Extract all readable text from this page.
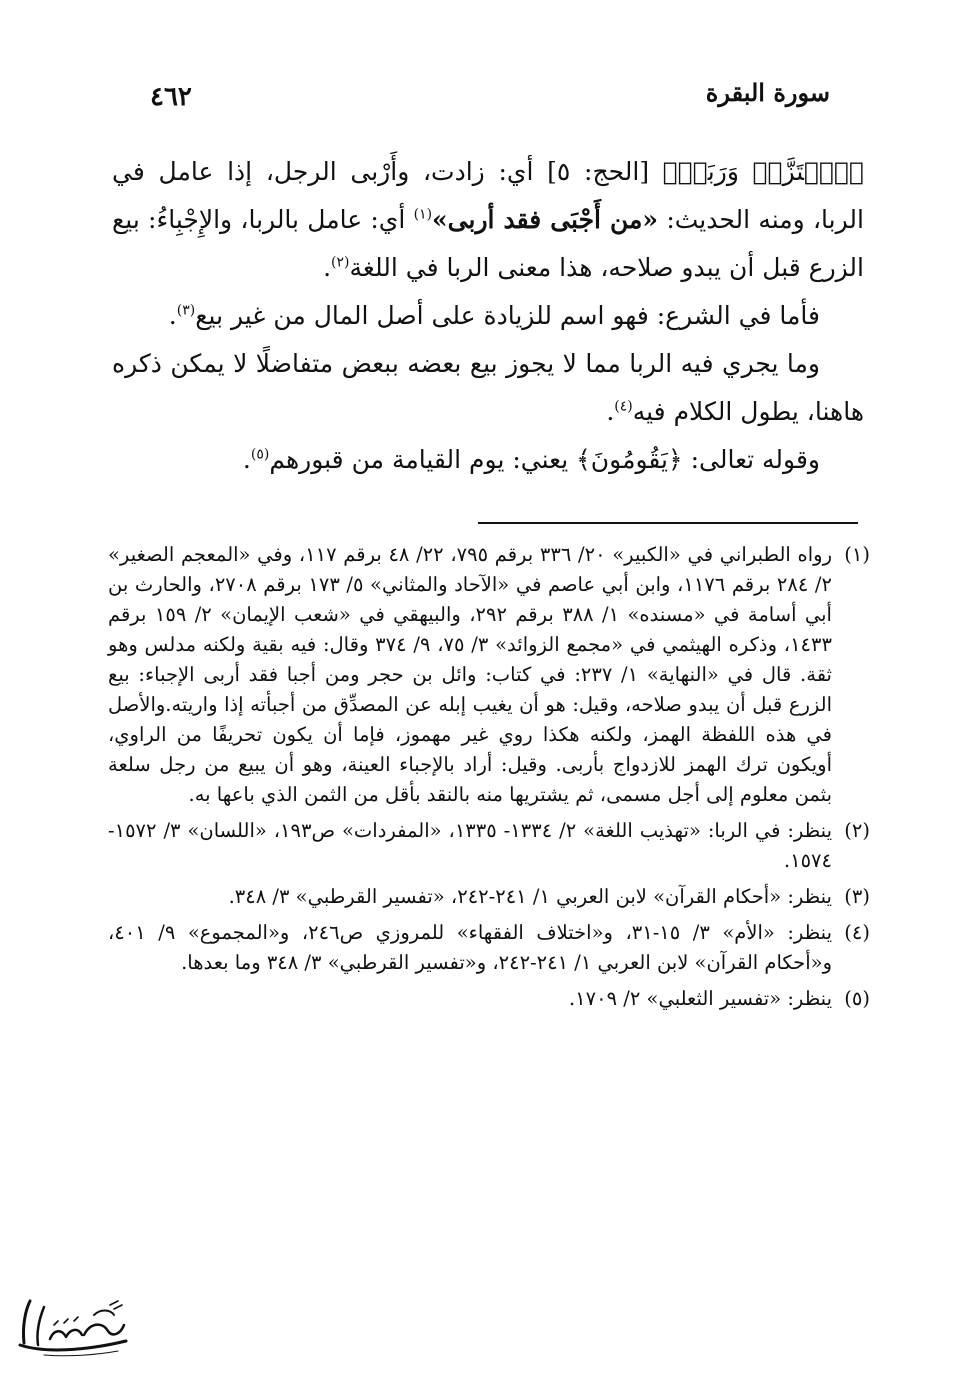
٤٦٢	سورة البقرة

﴿ٱهۡتَزَّتۡ وَرَبَتۡ﴾ [الحج: ٥] أي: زادت، وأَرْبى الرجل، إذا عامل في الربا، ومنه الحديث: «من أَجْبَى فقد أربى»$^{(١)}$ أي: عامل بالربا، والإِجْبِاءُ: بيع الزرع قبل أن يبدو صلاحه، هذا معنى الربا في اللغة$^{(٢)}$.

فأما في الشرع: فهو اسم للزيادة على أصل المال من غير بيع$^{(٣)}$.

وما يجري فيه الربا مما لا يجوز بيع بعضه ببعض متفاضلًا لا يمكن ذكره هاهنا، يطول الكلام فيه$^{(٤)}$.

وقوله تعالى: ﴿يَقُومُونَ﴾ يعني: يوم القيامة من قبورهم$^{(٥)}$.

(١)
رواه الطبراني في «الكبير» ٢٠/ ٣٣٦ برقم ٧٩٥، ٢٢/ ٤٨ برقم ١١٧، وفي «المعجم الصغير» ٢/ ٢٨٤ برقم ١١٧٦، وابن أبي عاصم في «الآحاد والمثاني» ٥/ ١٧٣ برقم ٢٧٠٨، والحارث بن أبي أسامة في «مسنده» ١/ ٣٨٨ برقم ٢٩٢، والبيهقي في «شعب الإيمان» ٢/ ١٥٩ برقم ١٤٣٣، وذكره الهيثمي في «مجمع الزوائد» ٣/ ٧٥، ٩/ ٣٧٤ وقال: فيه بقية ولكنه مدلس وهو ثقة. قال في «النهاية» ١/ ٢٣٧: في كتاب: وائل بن حجر ومن أجبا فقد أربى الإجباء: بيع الزرع قبل أن يبدو صلاحه، وقيل: هو أن يغيب إبله عن المصدِّق من أجبأته إذا واريته.والأصل في هذه اللفظة الهمز، ولكنه هكذا روي غير مهموز، فإما أن يكون تحريفًا من الراوي، أويكون ترك الهمز للازدواج بأربى. وقيل: أراد بالإجباء العينة، وهو أن يبيع من رجل سلعة بثمن معلوم إلى أجل مسمى، ثم يشتريها منه بالنقد بأقل من الثمن الذي باعها به.
(٢)
ينظر: في الربا: «تهذيب اللغة» ٢/ ١٣٣٤- ١٣٣٥، «المفردات» ص١٩٣، «اللسان» ٣/ ١٥٧٢- ١٥٧٤.
(٣)
ينظر: «أحكام القرآن» لابن العربي ١/ ٢٤١-٢٤٢، «تفسير القرطبي» ٣/ ٣٤٨.
(٤)
ينظر: «الأم» ٣/ ١٥-٣١، و«اختلاف الفقهاء» للمروزي ص٢٤٦، و«المجموع» ٩/ ٤٠١، و«أحكام القرآن» لابن العربي ١/ ٢٤١-٢٤٢، و«تفسير القرطبي» ٣/ ٣٤٨ وما بعدها.
(٥)
ينظر: «تفسير الثعلبي» ٢/ ١٧٠٩.
